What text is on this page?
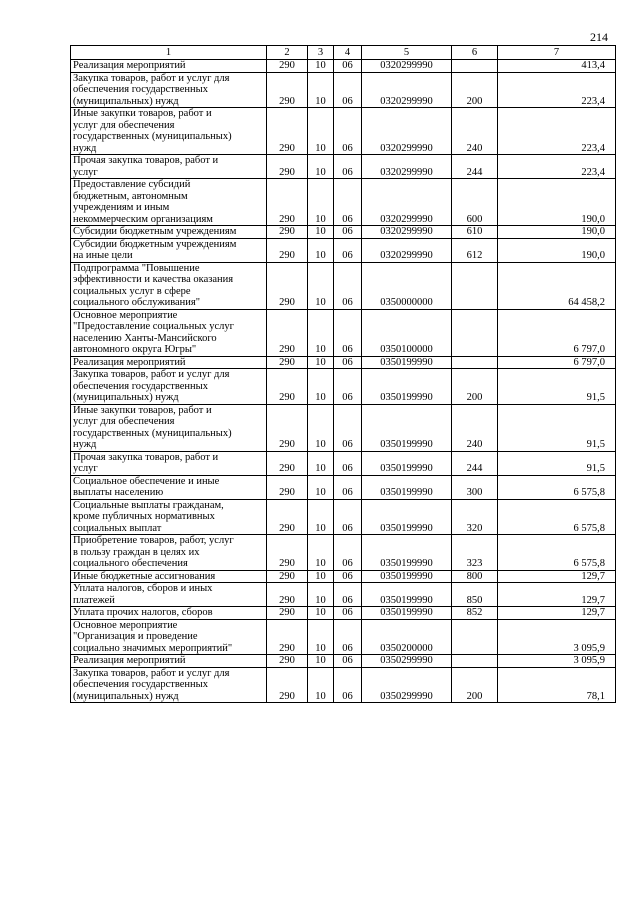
214
1	2	3	4	5	6	7
Реализация мероприятий	290	10	06	0320299990		413,4
Закупка товаров, работ и услуг для
обеспечения государственных
(муниципальных) нужд	290	10	06	0320299990	200	223,4
Иные закупки товаров, работ и
услуг для обеспечения
государственных (муниципальных)
нужд	290	10	06	0320299990	240	223,4
Прочая закупка товаров, работ и
услуг	290	10	06	0320299990	244	223,4
Предоставление субсидий
бюджетным, автономным
учреждениям и иным
некоммерческим организациям	290	10	06	0320299990	600	190,0
Субсидии бюджетным учреждениям	290	10	06	0320299990	610	190,0
Субсидии бюджетным учреждениям
на иные цели	290	10	06	0320299990	612	190,0
Подпрограмма "Повышение
эффективности и качества оказания
социальных услуг в сфере
социального обслуживания"	290	10	06	0350000000		64 458,2
Основное мероприятие
"Предоставление социальных услуг
населению Ханты-Мансийского
автономного округа Югры"	290	10	06	0350100000		6 797,0
Реализация мероприятий	290	10	06	0350199990		6 797,0
Закупка товаров, работ и услуг для
обеспечения государственных
(муниципальных) нужд	290	10	06	0350199990	200	91,5
Иные закупки товаров, работ и
услуг для обеспечения
государственных (муниципальных)
нужд	290	10	06	0350199990	240	91,5
Прочая закупка товаров, работ и
услуг	290	10	06	0350199990	244	91,5
Социальное обеспечение и иные
выплаты населению	290	10	06	0350199990	300	6 575,8
Социальные выплаты гражданам,
кроме публичных нормативных
социальных выплат	290	10	06	0350199990	320	6 575,8
Приобретение товаров, работ, услуг
в пользу граждан в целях их
социального обеспечения	290	10	06	0350199990	323	6 575,8
Иные бюджетные ассигнования	290	10	06	0350199990	800	129,7
Уплата налогов, сборов и иных
платежей	290	10	06	0350199990	850	129,7
Уплата прочих налогов, сборов	290	10	06	0350199990	852	129,7
Основное мероприятие
"Организация и проведение
социально значимых мероприятий"	290	10	06	0350200000		3 095,9
Реализация мероприятий	290	10	06	0350299990		3 095,9
Закупка товаров, работ и услуг для
обеспечения государственных
(муниципальных) нужд	290	10	06	0350299990	200	78,1
